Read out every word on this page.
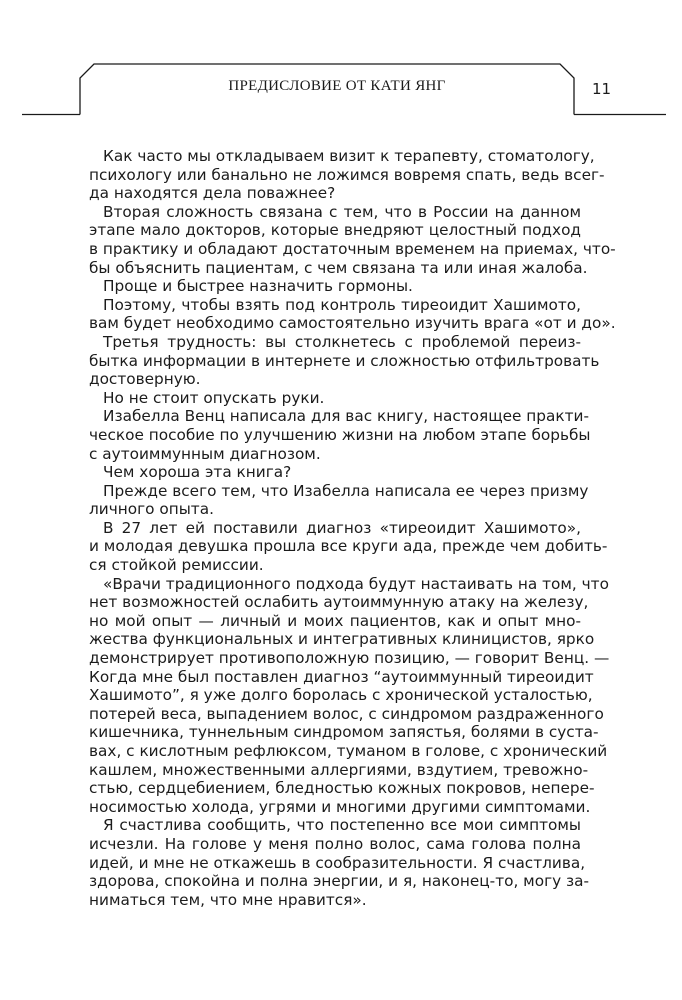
ПРЕДИСЛОВИЕ ОТ КАТИ ЯНГ	11
Как часто мы откладываем визит к терапевту, стоматологу,
психологу или банально не ложимся вовремя спать, ведь всег-
да находятся дела поважнее?
Вторая сложность связана с тем, что в России на данном
этапе мало докторов, которые внедряют целостный подход
в практику и обладают достаточным временем на приемах, что-
бы объяснить пациентам, с чем связана та или иная жалоба.
Проще и быстрее назначить гормоны.
Поэтому, чтобы взять под контроль тиреоидит Хашимото,
вам будет необходимо самостоятельно изучить врага «от и до».
Третья трудность: вы столкнетесь с проблемой переиз-
бытка информации в интернете и сложностью отфильтровать
достоверную.
Но не стоит опускать руки.
Изабелла Венц написала для вас книгу, настоящее практи-
ческое пособие по улучшению жизни на любом этапе борьбы
с аутоиммунным диагнозом.
Чем хороша эта книга?
Прежде всего тем, что Изабелла написала ее через призму
личного опыта.
В 27 лет ей поставили диагноз «тиреоидит Хашимото»,
и молодая девушка прошла все круги ада, прежде чем добить-
ся стойкой ремиссии.
«Врачи традиционного подхода будут настаивать на том, что
нет возможностей ослабить аутоиммунную атаку на железу,
но мой опыт — личный и моих пациентов, как и опыт мно-
жества функциональных и интегративных клиницистов, ярко
демонстрирует противоположную позицию, — говорит Венц. —
Когда мне был поставлен диагноз “аутоиммунный тиреоидит
Хашимото”, я уже долго боролась с хронической усталостью,
потерей веса, выпадением волос, с синдромом раздраженного
кишечника, туннельным синдромом запястья, болями в суста-
вах, с кислотным рефлюксом, туманом в голове, с хронический
кашлем, множественными аллергиями, вздутием, тревожно-
стью, сердцебиением, бледностью кожных покровов, непере-
носимостью холода, угрями и многими другими симптомами.
Я счастлива сообщить, что постепенно все мои симптомы
исчезли. На голове у меня полно волос, сама голова полна
идей, и мне не откажешь в сообразительности. Я счастлива,
здорова, спокойна и полна энергии, и я, наконец-то, могу за-
ниматься тем, что мне нравится».
